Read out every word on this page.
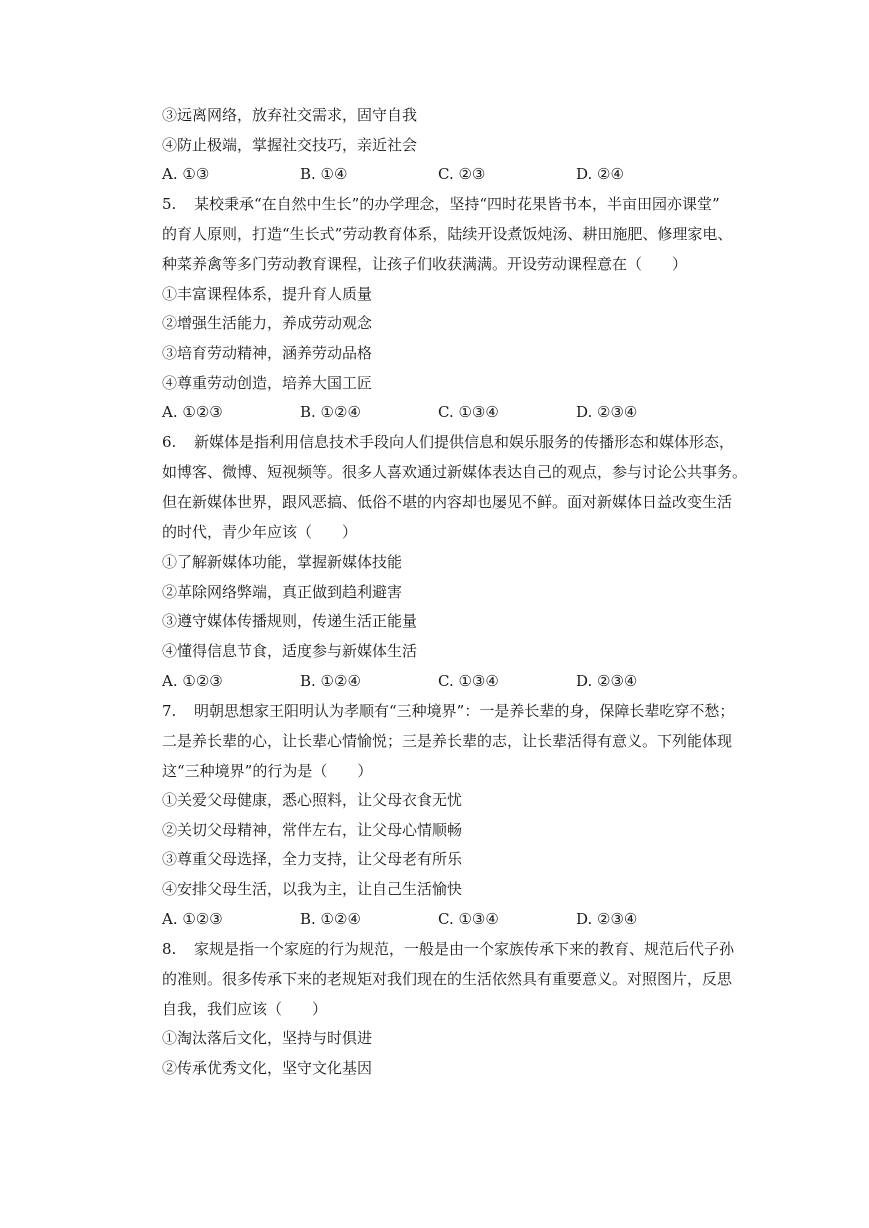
③远离网络，放弃社交需求，固守自我
④防止极端，掌握社交技巧，亲近社会
A. ①③	B. ①④	C. ②③	D. ②④
5. 某校秉承“在自然中生长”的办学理念，坚持“四时花果皆书本，半亩田园亦课堂”
的育人原则，打造“生长式”劳动教育体系，陆续开设煮饭炖汤、耕田施肥、修理家电、
种菜养禽等多门劳动教育课程，让孩子们收获满满。开设劳动课程意在（　　）
①丰富课程体系，提升育人质量
②增强生活能力，养成劳动观念
③培育劳动精神，涵养劳动品格
④尊重劳动创造，培养大国工匠
A. ①②③	B. ①②④	C. ①③④	D. ②③④
6. 新媒体是指利用信息技术手段向人们提供信息和娱乐服务的传播形态和媒体形态，
如博客、微博、短视频等。很多人喜欢通过新媒体表达自己的观点，参与讨论公共事务。
但在新媒体世界，跟风恶搞、低俗不堪的内容却也屡见不鲜。面对新媒体日益改变生活
的时代，青少年应该（　　）
①了解新媒体功能，掌握新媒体技能
②革除网络弊端，真正做到趋利避害
③遵守媒体传播规则，传递生活正能量
④懂得信息节食，适度参与新媒体生活
A. ①②③	B. ①②④	C. ①③④	D. ②③④
7. 明朝思想家王阳明认为孝顺有“三种境界”：一是养长辈的身，保障长辈吃穿不愁；
二是养长辈的心，让长辈心情愉悦；三是养长辈的志，让长辈活得有意义。下列能体现
这“三种境界”的行为是（　　）
①关爱父母健康，悉心照料，让父母衣食无忧
②关切父母精神，常伴左右，让父母心情顺畅
③尊重父母选择，全力支持，让父母老有所乐
④安排父母生活，以我为主，让自己生活愉快
A. ①②③	B. ①②④	C. ①③④	D. ②③④
8. 家规是指一个家庭的行为规范，一般是由一个家族传承下来的教育、规范后代子孙
的准则。很多传承下来的老规矩对我们现在的生活依然具有重要意义。对照图片，反思
自我，我们应该（　　）
①淘汰落后文化，坚持与时俱进
②传承优秀文化，坚守文化基因
